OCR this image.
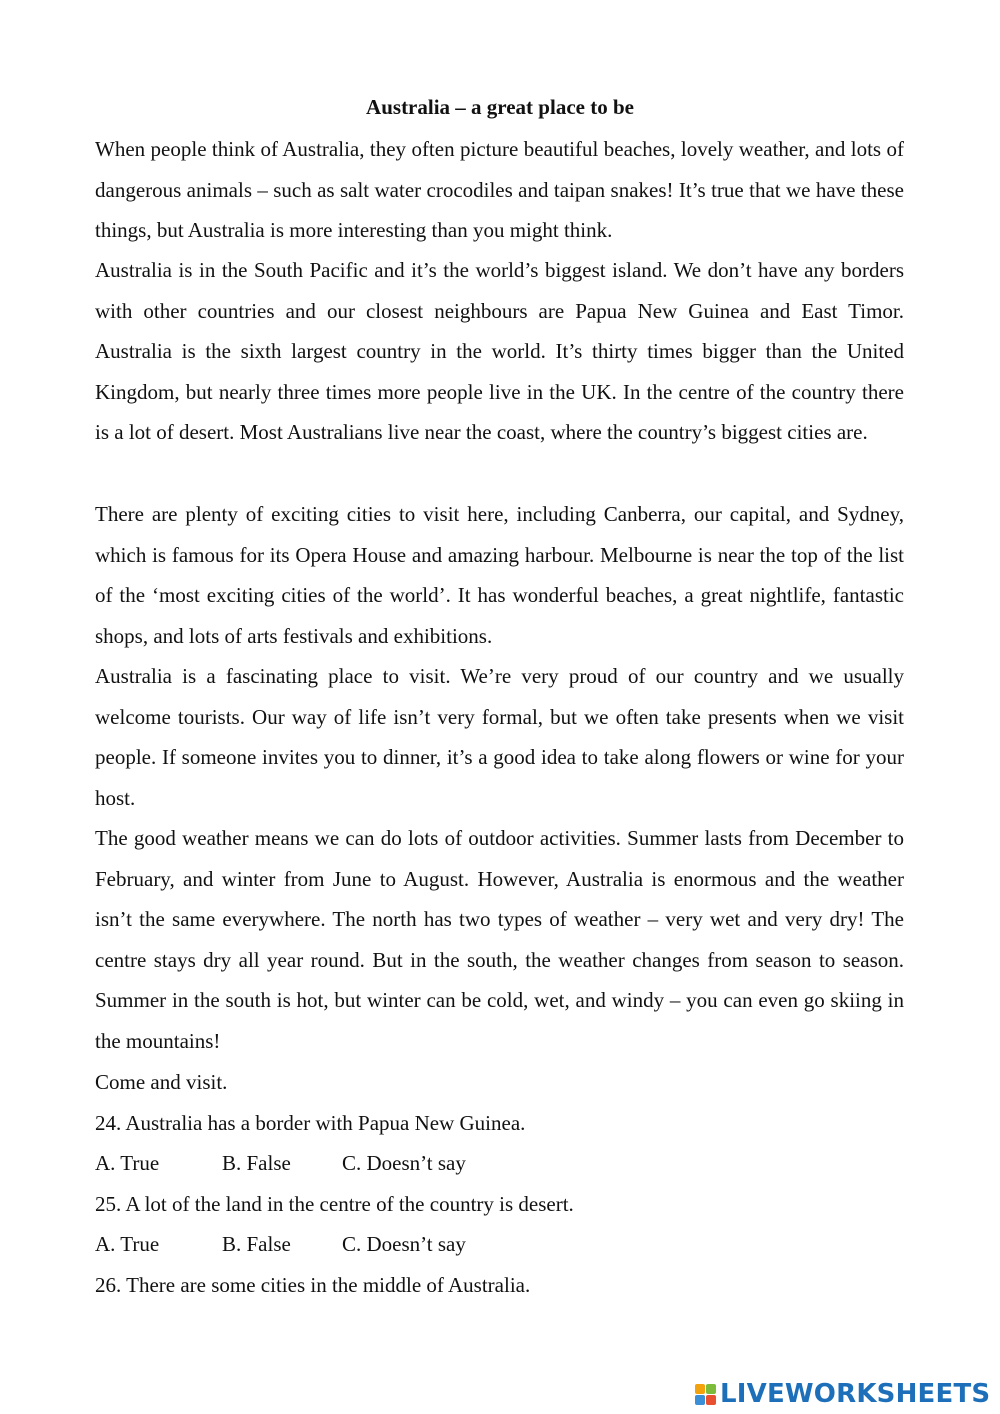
Australia – a great place to be

When people think of Australia, they often picture beautiful beaches, lovely weather, and lots of dangerous animals – such as salt water crocodiles and taipan snakes! It’s true that we have these things, but Australia is more interesting than you might think.

Australia is in the South Pacific and it’s the world’s biggest island. We don’t have any borders with other countries and our closest neighbours are Papua New Guinea and East Timor. Australia is the sixth largest country in the world. It’s thirty times bigger than the United Kingdom, but nearly three times more people live in the UK. In the centre of the country there is a lot of desert. Most Australians live near the coast, where the country’s biggest cities are.

There are plenty of exciting cities to visit here, including Canberra, our capital, and Sydney, which is famous for its Opera House and amazing harbour. Melbourne is near the top of the list of the ‘most exciting cities of the world’. It has wonderful beaches, a great nightlife, fantastic shops, and lots of arts festivals and exhibitions.

Australia is a fascinating place to visit. We’re very proud of our country and we usually welcome tourists. Our way of life isn’t very formal, but we often take presents when we visit people. If someone invites you to dinner, it’s a good idea to take along flowers or wine for your host.

The good weather means we can do lots of outdoor activities. Summer lasts from December to February, and winter from June to August. However, Australia is enormous and the weather isn’t the same everywhere. The north has two types of weather – very wet and very dry! The centre stays dry all year round. But in the south, the weather changes from season to season. Summer in the south is hot, but winter can be cold, wet, and windy – you can even go skiing in the mountains!

Come and visit.
24. Australia has a border with Papua New Guinea.
A. True	B. False C. Doesn’t say
25. A lot of the land in the centre of the country is desert.
A. True	B. False C. Doesn’t say
26. There are some cities in the middle of Australia.
LIVEWORKSHEETS
